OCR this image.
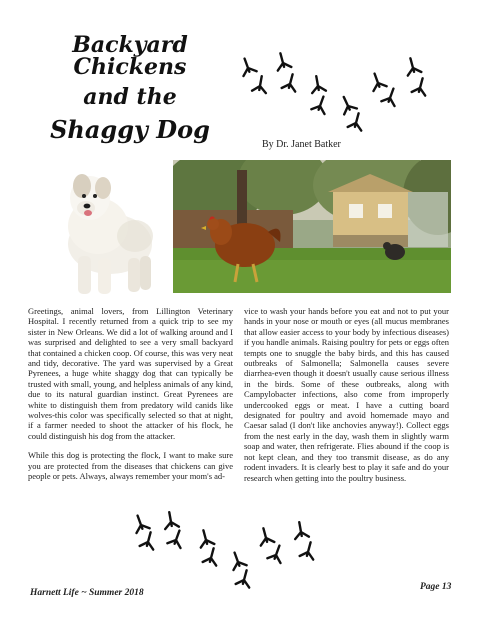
Backyard Chickens
and the
Shaggy Dog
By Dr. Janet Batker

Greetings, animal lovers, from Lillington Veterinary Hospital. I recently returned from a quick trip to see my sister in New Orleans. We did a lot of walking around and I was surprised and delighted to see a very small backyard that contained a chicken coop. Of course, this was very neat and tidy, decorative. The yard was supervised by a Great Pyrenees, a huge white shaggy dog that can typically be trusted with small, young, and helpless animals of any kind, due to its natural guardian instinct. Great Pyrenees are white to distinguish them from predatory wild canids like wolves-this color was specifically selected so that at night, if a farmer needed to shoot the attacker of his flock, he could distinguish his dog from the attacker.

While this dog is protecting the flock, I want to make sure you are protected from the diseases that chickens can give people or pets. Always, always remember your mom's ad-

vice to wash your hands before you eat and not to put your hands in your nose or mouth or eyes (all mucus membranes that allow easier access to your body by infectious diseases) if you handle animals. Raising poultry for pets or eggs often tempts one to snuggle the baby birds, and this has caused outbreaks of Salmonella; Salmonella causes severe diarrhea-even though it doesn't usually cause serious illness in the birds. Some of these outbreaks, along with Campylobacter infections, also come from improperly undercooked eggs or meat. I have a cutting board designated for poultry and avoid homemade mayo and Caesar salad (I don't like anchovies anyway!). Collect eggs from the nest early in the day, wash them in slightly warm soap and water, then refrigerate. Flies abound if the coop is not kept clean, and they too transmit disease, as do any rodent invaders. It is clearly best to play it safe and do your research when getting into the poultry business.

Harnett Life ~ Summer 2018
Page 13
